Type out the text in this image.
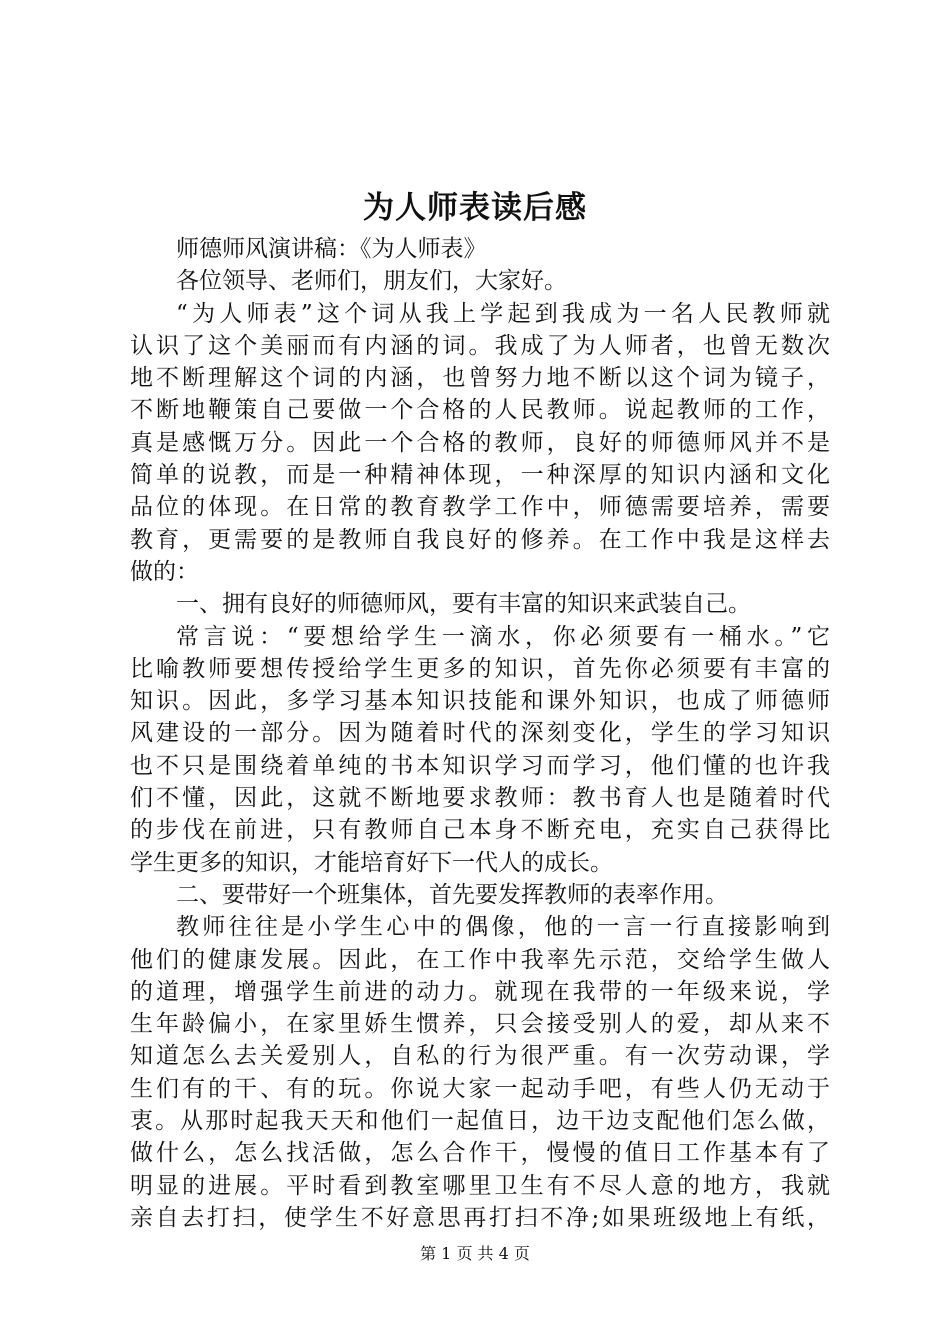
为人师表读后感
师德师风演讲稿：《为人师表》
各位领导、老师们，朋友们，大家好。
“为人师表”这个词从我上学起到我成为一名人民教师就
认识了这个美丽而有内涵的词。我成了为人师者，也曾无数次
地不断理解这个词的内涵，也曾努力地不断以这个词为镜子，
不断地鞭策自己要做一个合格的人民教师。说起教师的工作，
真是感慨万分。因此一个合格的教师，良好的师德师风并不是
简单的说教，而是一种精神体现，一种深厚的知识内涵和文化
品位的体现。在日常的教育教学工作中，师德需要培养，需要
教育，更需要的是教师自我良好的修养。在工作中我是这样去
做的：
一、拥有良好的师德师风，要有丰富的知识来武装自己。
常言说：“要想给学生一滴水，你必须要有一桶水。”它
比喻教师要想传授给学生更多的知识，首先你必须要有丰富的
知识。因此，多学习基本知识技能和课外知识，也成了师德师
风建设的一部分。因为随着时代的深刻变化，学生的学习知识
也不只是围绕着单纯的书本知识学习而学习，他们懂的也许我
们不懂，因此，这就不断地要求教师：教书育人也是随着时代
的步伐在前进，只有教师自己本身不断充电，充实自己获得比
学生更多的知识，才能培育好下一代人的成长。
二、要带好一个班集体，首先要发挥教师的表率作用。
教师往往是小学生心中的偶像，他的一言一行直接影响到
他们的健康发展。因此，在工作中我率先示范，交给学生做人
的道理，增强学生前进的动力。就现在我带的一年级来说，学
生年龄偏小，在家里娇生惯养，只会接受别人的爱，却从来不
知道怎么去关爱别人，自私的行为很严重。有一次劳动课，学
生们有的干、有的玩。你说大家一起动手吧，有些人仍无动于
衷。从那时起我天天和他们一起值日，边干边支配他们怎么做，
做什么，怎么找活做，怎么合作干，慢慢的值日工作基本有了
明显的进展。平时看到教室哪里卫生有不尽人意的地方，我就
亲自去打扫，使学生不好意思再打扫不净;如果班级地上有纸，
第 1 页 共 4 页
